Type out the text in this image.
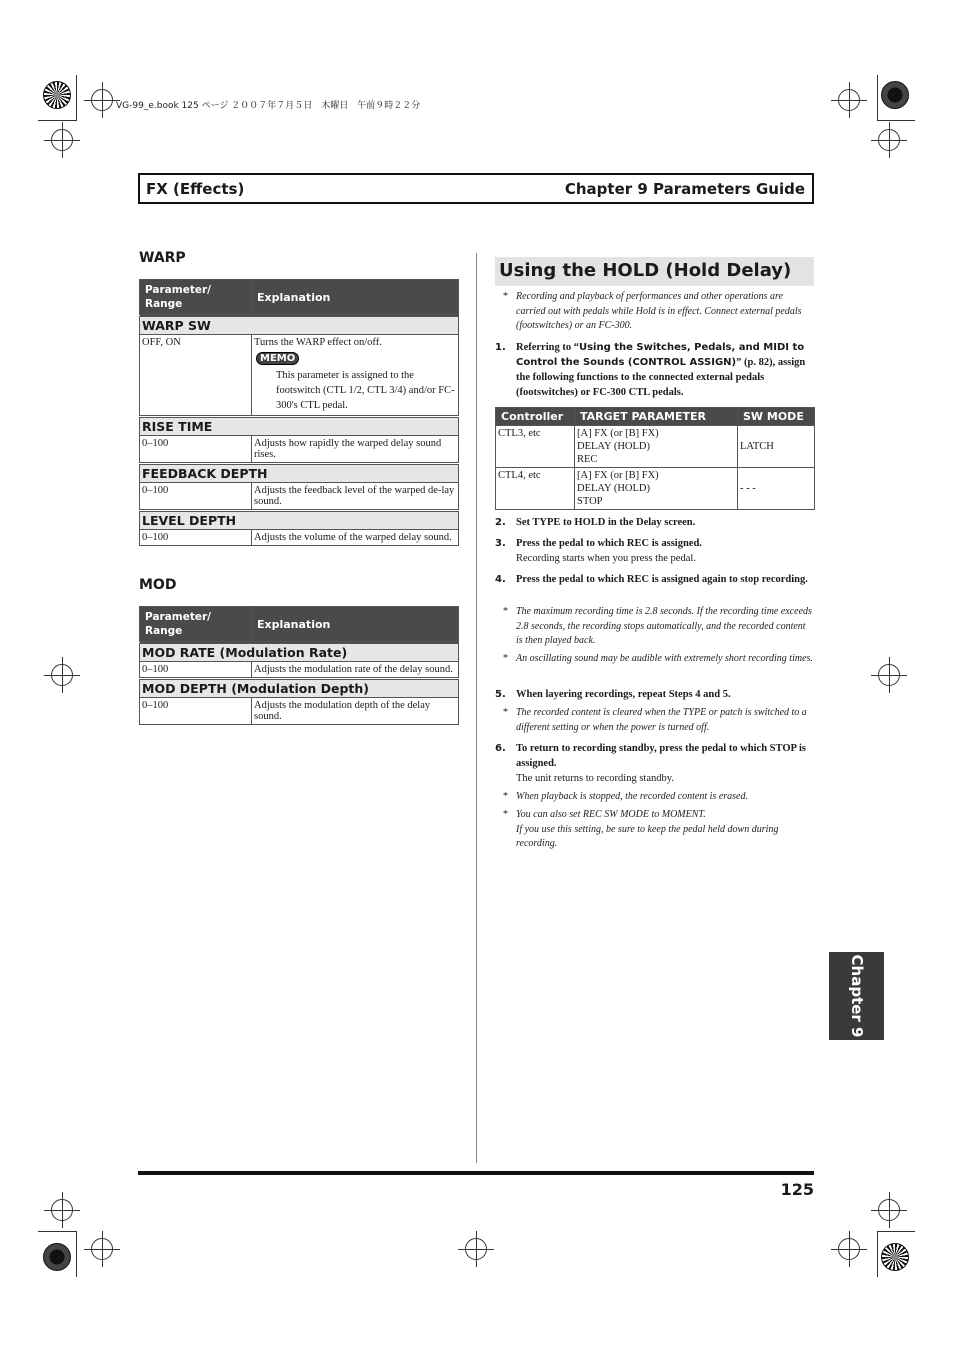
VG-99_e.book 125 ページ ２００７年７月５日　木曜日　午前９時２２分
FX (Effects)	Chapter 9 Parameters Guide
WARP
Parameter/ Range	Explanation
WARP SW	
OFF, ON	Turns the WARP effect on/off.
MEMO
This parameter is assigned to the footswitch (CTL 1/2, CTL 3/4) and/or FC-300's CTL pedal.

RISE TIME	
0–100	Adjusts how rapidly the warped delay sound rises.
FEEDBACK DEPTH	
0–100	Adjusts the feedback level of the warped de-lay sound.
LEVEL DEPTH	
0–100	Adjusts the volume of the warped delay sound.
MOD
Parameter/ Range	Explanation
MOD RATE (Modulation Rate)	
0–100	Adjusts the modulation rate of the delay sound.
MOD DEPTH (Modulation Depth)	
0–100	Adjusts the modulation depth of the delay sound.
Using the HOLD (Hold Delay)
* Recording and playback of performances and other operations are carried out with pedals while Hold is in effect. Connect external pedals (footswitches) or an FC-300.
1. Referring to “Using the Switches, Pedals, and MIDI to Control the Sounds (CONTROL ASSIGN)” (p. 82), assign the following functions to the connected external pedals (footswitches) or FC-300 CTL pedals.
Controller	TARGET PARAMETER	SW MODE
CTL3, etc	[A] FX (or [B] FX)
DELAY (HOLD)
REC	LATCH
CTL4, etc	[A] FX (or [B] FX)
DELAY (HOLD)
STOP	- - -
2. Set TYPE to HOLD in the Delay screen.
3. Press the pedal to which REC is assigned.
Recording starts when you press the pedal.
4. Press the pedal to which REC is assigned again to stop recording.
* The maximum recording time is 2.8 seconds. If the recording time exceeds 2.8 seconds, the recording stops automatically, and the recorded content is then played back.
* An oscillating sound may be audible with extremely short recording times.
5. When layering recordings, repeat Steps 4 and 5.
* The recorded content is cleared when the TYPE or patch is switched to a different setting or when the power is turned off.
6. To return to recording standby, press the pedal to which STOP is assigned.
The unit returns to recording standby.
* When playback is stopped, the recorded content is erased.
* You can also set REC SW MODE to MOMENT.
If you use this setting, be sure to keep the pedal held down during recording.
125
Chapter 9
